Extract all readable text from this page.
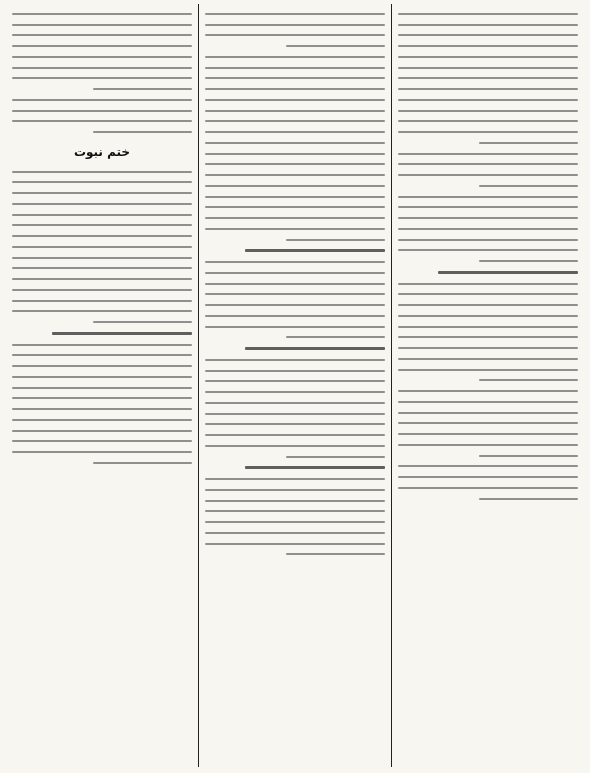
ختم نبوت
